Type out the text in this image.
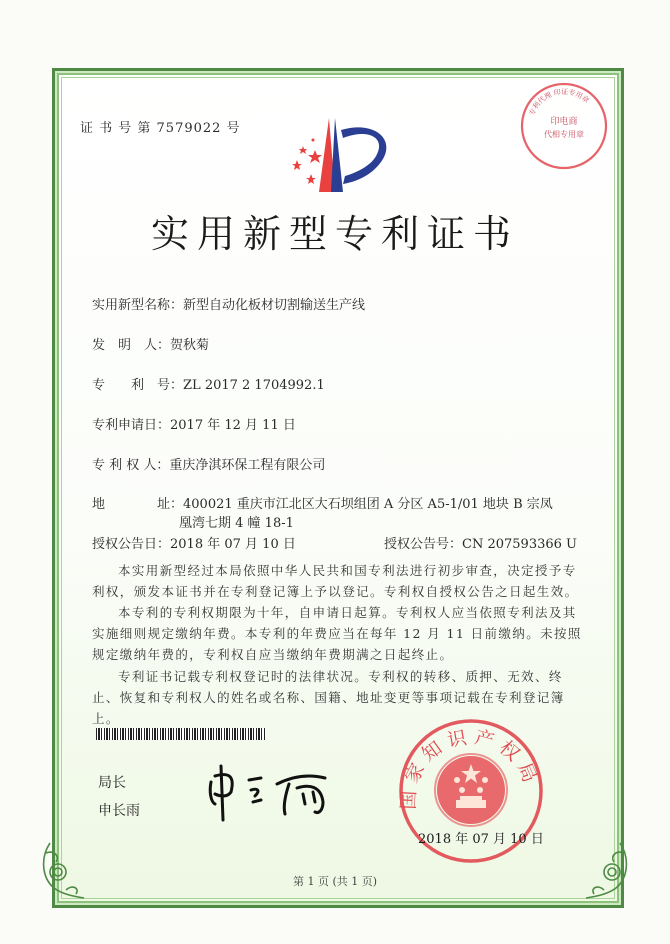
证 书 号 第 7579022 号	印电商
代相专用章
专利代理 印证专用章
实用新型专利证书
实用新型名称：新型自动化板材切割输送生产线
发　明　人：贺秋菊
专　　利　号：ZL 2017 2 1704992.1
专利申请日：2017 年 12 月 11 日
专 利 权 人：重庆净淇环保工程有限公司
地　　　　址：400021 重庆市江北区大石坝组团 A 分区 A5-1/01 地块 B 宗凤
凰湾七期 4 幢 18-1
授权公告日：2018 年 07 月 10 日	授权公告号：CN 207593366 U
本实用新型经过本局依照中华人民共和国专利法进行初步审查，决定授予专利权，颁发本证书并在专利登记簿上予以登记。专利权自授权公告之日起生效。
本专利的专利权期限为十年，自申请日起算。专利权人应当依照专利法及其实施细则规定缴纳年费。本专利的年费应当在每年 12 月 11 日前缴纳。未按照规定缴纳年费的，专利权自应当缴纳年费期满之日起终止。
专利证书记载专利权登记时的法律状况。专利权的转移、质押、无效、终止、恢复和专利权人的姓名或名称、国籍、地址变更等事项记载在专利登记簿上。
局长
申长雨
国家知识产权局
2018 年 07 月 10 日
第 1 页 (共 1 页)
